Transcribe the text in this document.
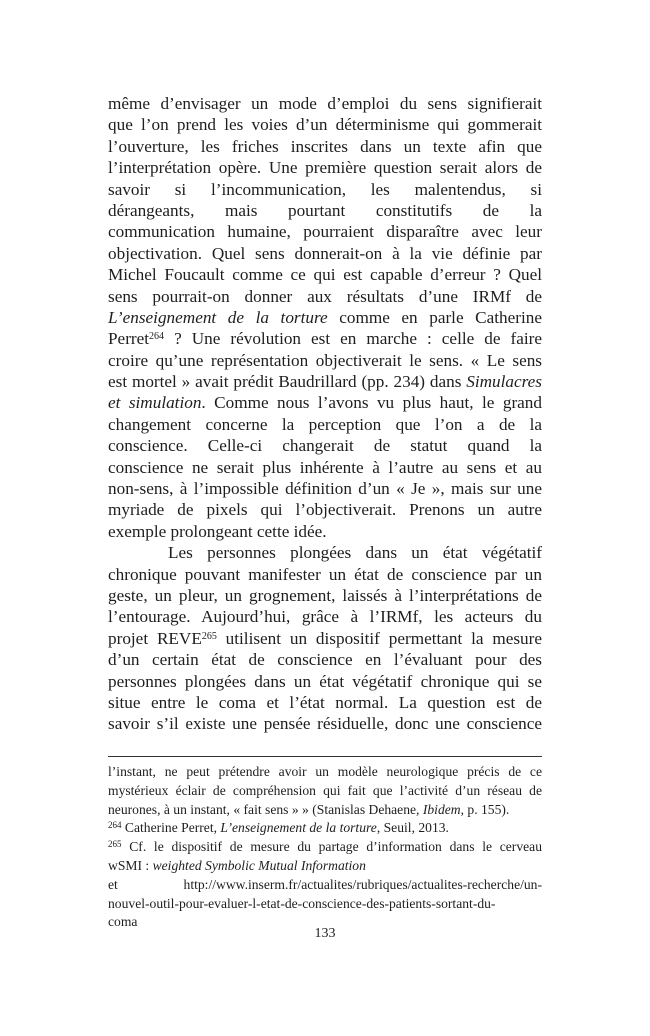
même d’envisager un mode d’emploi du sens signifierait
que l’on prend les voies d’un déterminisme qui gommerait
l’ouverture, les friches inscrites dans un texte afin que
l’interprétation opère. Une première question serait alors de
savoir si l’incommunication, les malentendus, si
dérangeants, mais pourtant constitutifs de la
communication humaine, pourraient disparaître avec leur
objectivation. Quel sens donnerait-on à la vie définie par
Michel Foucault comme ce qui est capable d’erreur ? Quel
sens pourrait-on donner aux résultats d’une IRMf de
L’enseignement de la torture comme en parle Catherine
Perret$^{264}$ ? Une révolution est en marche : celle de faire
croire qu’une représentation objectiverait le sens. « Le sens
est mortel » avait prédit Baudrillard (pp. 234) dans Simulacres
et simulation. Comme nous l’avons vu plus haut, le grand
changement concerne la perception que l’on a de la
conscience. Celle-ci changerait de statut quand la
conscience ne serait plus inhérente à l’autre au sens et au
non-sens, à l’impossible définition d’un « Je », mais sur une
myriade de pixels qui l’objectiverait. Prenons un autre
exemple prolongeant cette idée.
Les personnes plongées dans un état végétatif
chronique pouvant manifester un état de conscience par un
geste, un pleur, un grognement, laissés à l’interprétations de
l’entourage. Aujourd’hui, grâce à l’IRMf, les acteurs du
projet REVE$^{265}$ utilisent un dispositif permettant la mesure
d’un certain état de conscience en l’évaluant pour des
personnes plongées dans un état végétatif chronique qui se
situe entre le coma et l’état normal. La question est de
savoir s’il existe une pensée résiduelle, donc une conscience
l’instant, ne peut prétendre avoir un modèle neurologique précis de ce
mystérieux éclair de compréhension qui fait que l’activité d’un réseau de
neurones, à un instant, « fait sens » » (Stanislas Dehaene, Ibidem, p. 155).
$^{264}$ Catherine Perret, L’enseignement de la torture, Seuil, 2013.
$^{265}$ Cf. le dispositif de mesure du partage d’information dans le cerveau
wSMI : weighted Symbolic Mutual Information
et http://www.inserm.fr/actualites/rubriques/actualites-recherche/un-
nouvel-outil-pour-evaluer-l-etat-de-conscience-des-patients-sortant-du-
coma
133
